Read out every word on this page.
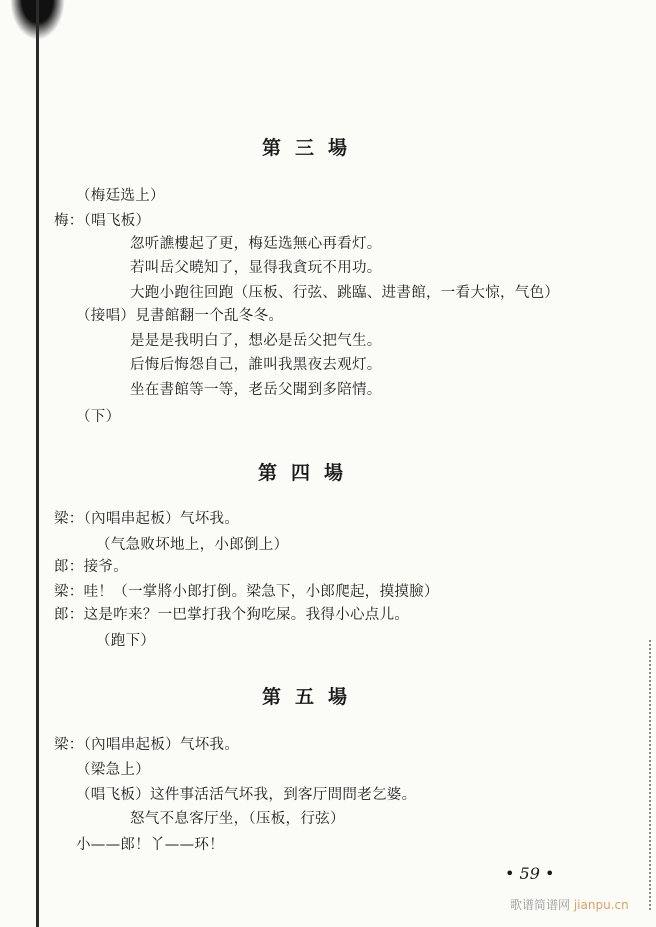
第三場
（梅廷选上）
梅：（唱飞板）
忽听譙樓起了更，梅廷选無心再看灯。
若叫岳父曉知了，显得我貪玩不用功。
大跑小跑往回跑（压板、行弦、跳臨、进書館，一看大惊，气色）
（接唱）見書館翻一个乱冬冬。
是是是我明白了，想必是岳父把气生。
后悔后悔怨自己，誰叫我黑夜去观灯。
坐在書館等一等，老岳父聞到多陪情。
（下）
第四場
梁：（內唱串起板）气坏我。
（气急败坏地上，小郎倒上）
郎：接爷。
梁：哇！（一掌將小郎打倒。梁急下，小郎爬起，摸摸臉）
郎：这是咋来？一巴掌打我个狗吃屎。我得小心点儿。
（跑下）
第五場
梁：（內唱串起板）气坏我。
（梁急上）
（唱飞板）这件事活活气坏我，到客厅問問老乞婆。
怒气不息客厅坐，（压板，行弦）
小——郎！丫——环！
• 59 •
歌谱简谱网 jianpu.cn
